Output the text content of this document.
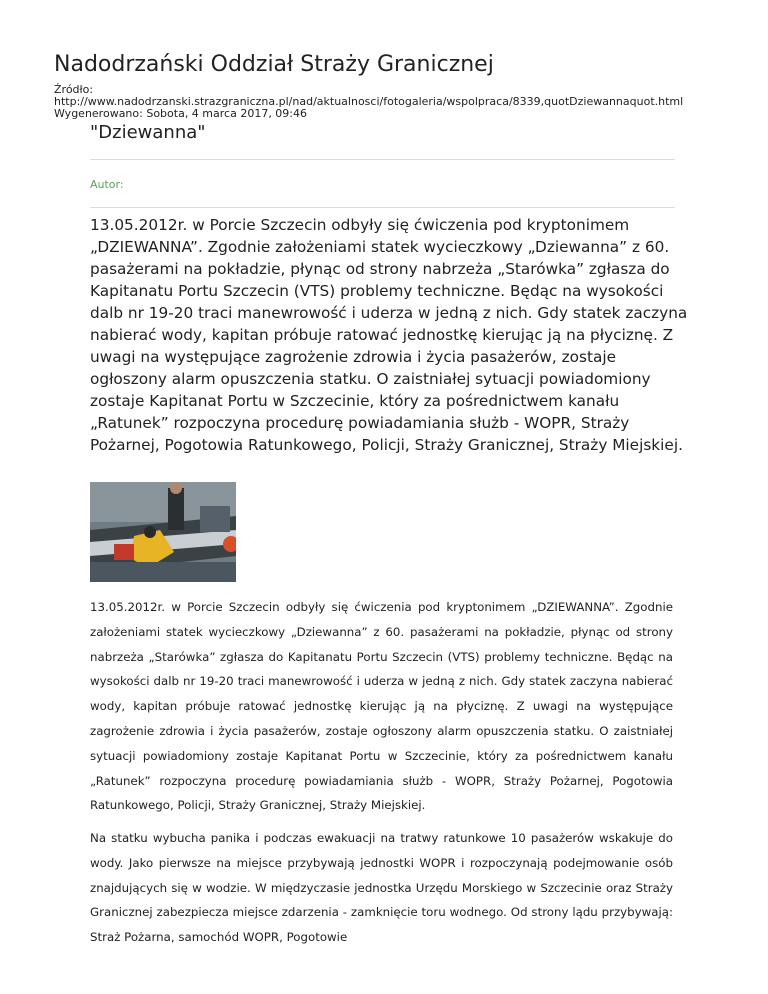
Nadodrzański Oddział Straży Granicznej
Źródło:
http://www.nadodrzanski.strazgraniczna.pl/nad/aktualnosci/fotogaleria/wspolpraca/8339,quotDziewannaquot.html
Wygenerowano: Sobota, 4 marca 2017, 09:46
"Dziewanna"
Autor:

13.05.2012r. w Porcie Szczecin odbyły się ćwiczenia pod kryptonimem „DZIEWANNA”. Zgodnie założeniami statek wycieczkowy „Dziewanna” z 60. pasażerami na pokładzie, płynąc od strony nabrzeża „Starówka” zgłasza do Kapitanatu Portu Szczecin (VTS) problemy techniczne. Będąc na wysokości dalb nr 19-20 traci manewrowość i uderza w jedną z nich. Gdy statek zaczyna nabierać wody, kapitan próbuje ratować jednostkę kierując ją na płyciznę. Z uwagi na występujące zagrożenie zdrowia i życia pasażerów, zostaje ogłoszony alarm opuszczenia statku. O zaistniałej sytuacji powiadomiony zostaje Kapitanat Portu w Szczecinie, który za pośrednictwem kanału „Ratunek” rozpoczyna procedurę powiadamiania służb - WOPR, Straży Pożarnej, Pogotowia Ratunkowego, Policji, Straży Granicznej, Straży Miejskiej.

13.05.2012r. w Porcie Szczecin odbyły się ćwiczenia pod kryptonimem „DZIEWANNA”. Zgodnie założeniami statek wycieczkowy „Dziewanna” z 60. pasażerami na pokładzie, płynąc od strony nabrzeża „Starówka” zgłasza do Kapitanatu Portu Szczecin (VTS) problemy techniczne. Będąc na wysokości dalb nr 19-20 traci manewrowość i uderza w jedną z nich. Gdy statek zaczyna nabierać wody, kapitan próbuje ratować jednostkę kierując ją na płyciznę. Z uwagi na występujące zagrożenie zdrowia i życia pasażerów, zostaje ogłoszony alarm opuszczenia statku. O zaistniałej sytuacji powiadomiony zostaje Kapitanat Portu w Szczecinie, który za pośrednictwem kanału „Ratunek” rozpoczyna procedurę powiadamiania służb - WOPR, Straży Pożarnej, Pogotowia Ratunkowego, Policji, Straży Granicznej, Straży Miejskiej.

Na statku wybucha panika i podczas ewakuacji na tratwy ratunkowe 10 pasażerów wskakuje do wody. Jako pierwsze na miejsce przybywają jednostki WOPR i rozpoczynają podejmowanie osób znajdujących się w wodzie. W międzyczasie jednostka Urzędu Morskiego w Szczecinie oraz Straży Granicznej zabezpiecza miejsce zdarzenia - zamknięcie toru wodnego. Od strony lądu przybywają: Straż Pożarna, samochód WOPR, Pogotowie
